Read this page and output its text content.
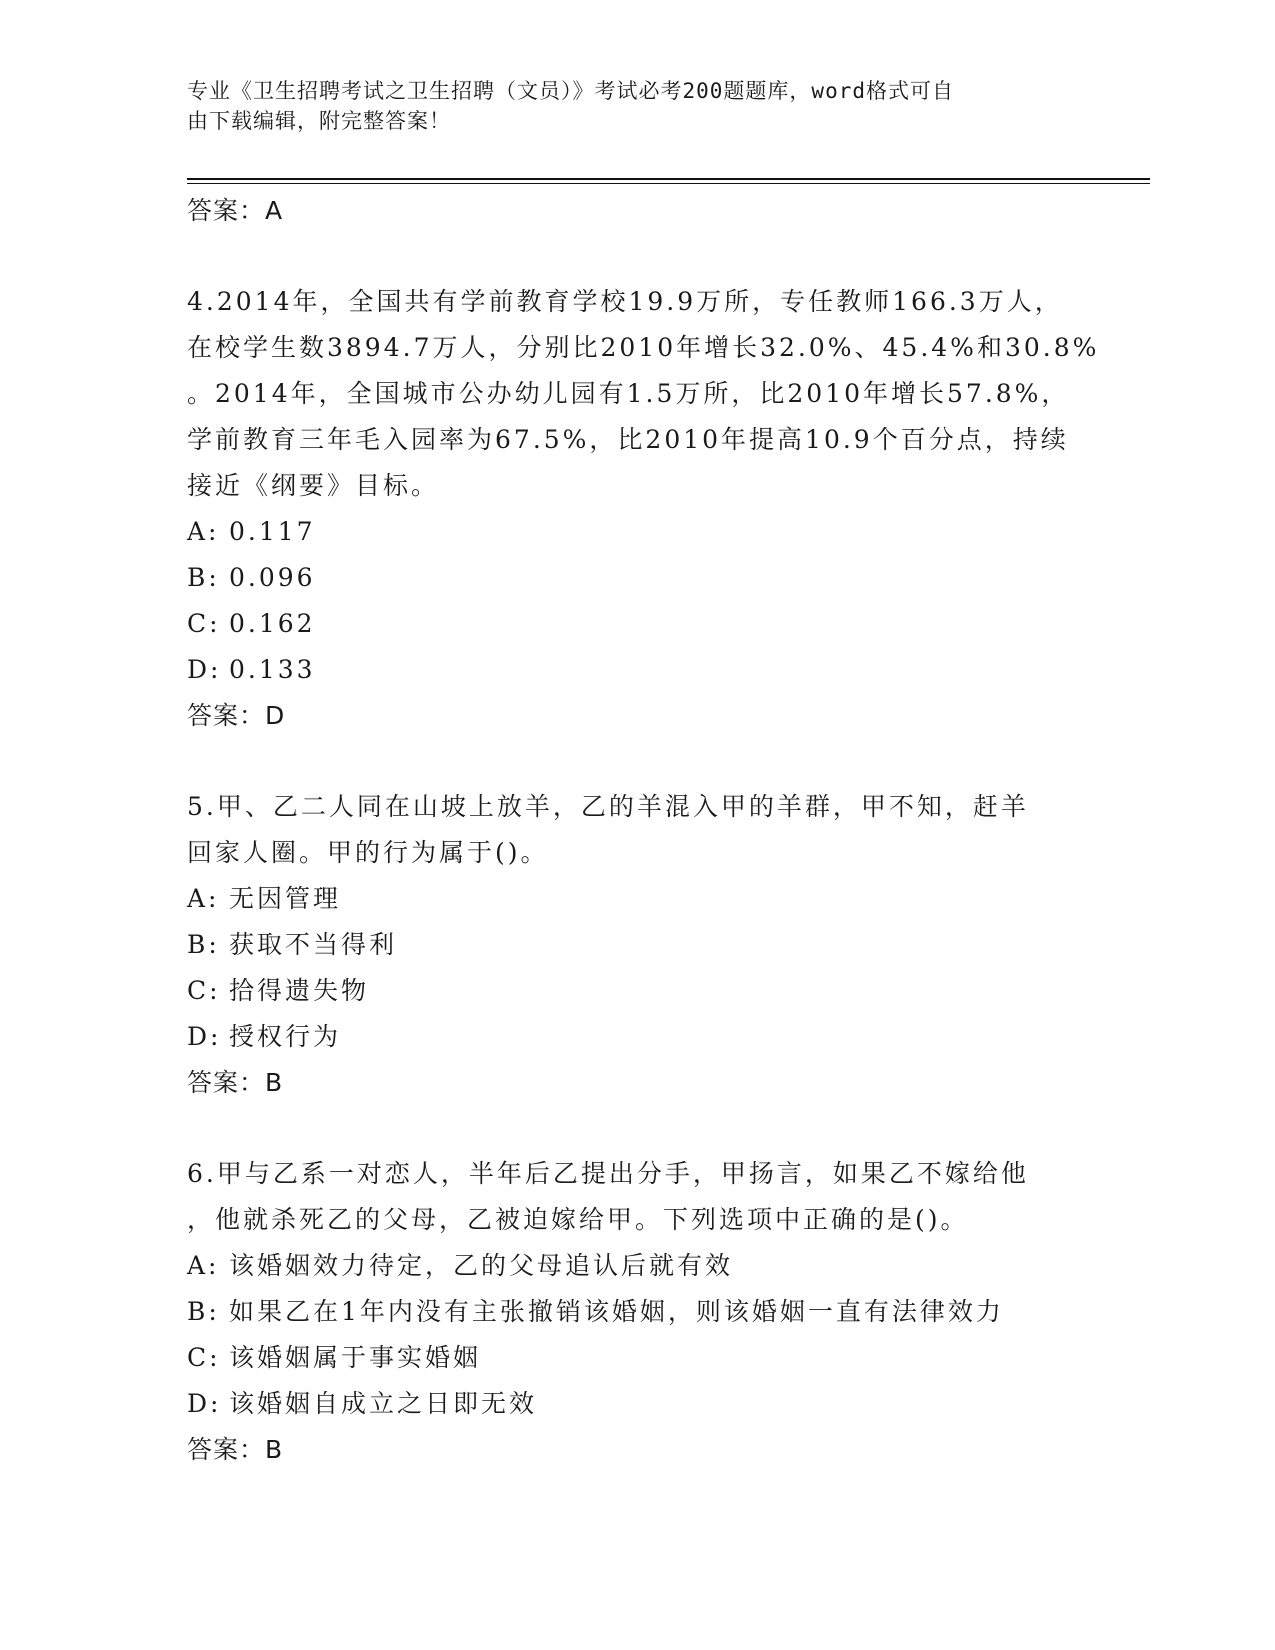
专业《卫生招聘考试之卫生招聘（文员）》考试必考200题题库，word格式可自
由下载编辑，附完整答案！
答案：A
4.2014年，全国共有学前教育学校19.9万所，专任教师166.3万人，
在校学生数3894.7万人，分别比2010年增长32.0%、45.4%和30.8%
。2014年，全国城市公办幼儿园有1.5万所，比2010年增长57.8%，
学前教育三年毛入园率为67.5%，比2010年提高10.9个百分点，持续
接近《纲要》目标。
A: 0.117
B: 0.096
C: 0.162
D: 0.133
答案：D
5.甲、乙二人同在山坡上放羊，乙的羊混入甲的羊群，甲不知，赶羊
回家人圈。甲的行为属于()。
A: 无因管理
B: 获取不当得利
C: 拾得遗失物
D: 授权行为
答案：B
6.甲与乙系一对恋人，半年后乙提出分手，甲扬言，如果乙不嫁给他
，他就杀死乙的父母，乙被迫嫁给甲。下列选项中正确的是()。
A: 该婚姻效力待定，乙的父母追认后就有效
B: 如果乙在1年内没有主张撤销该婚姻，则该婚姻一直有法律效力
C: 该婚姻属于事实婚姻
D: 该婚姻自成立之日即无效
答案：B
